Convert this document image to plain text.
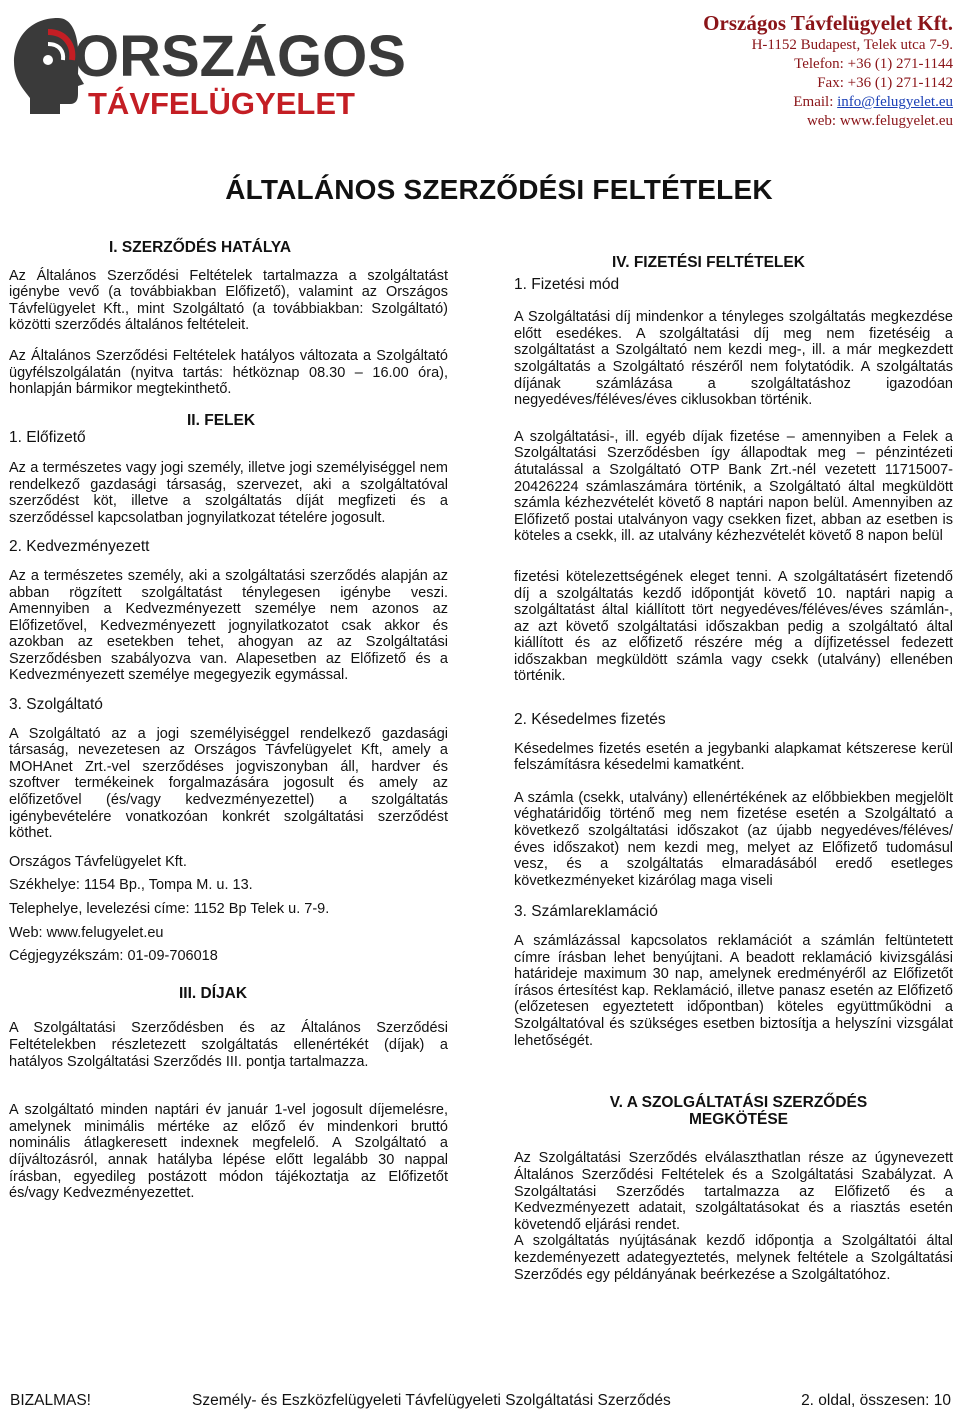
ORSZÁGOS
TÁVFELÜGYELET
Országos Távfelügyelet Kft.
H-1152 Budapest, Telek utca 7-9.
Telefon: +36 (1) 271-1144
Fax: +36 (1) 271-1142
Email: info@felugyelet.eu
web: www.felugyelet.eu
ÁLTALÁNOS SZERZŐDÉSI FELTÉTELEK
I. SZERZŐDÉS HATÁLYA

Az Általános Szerződési Feltételek tartalmazza a szolgáltatást igénybe vevő (a továbbiakban Előfizető), valamint az Országos Távfelügyelet Kft., mint Szolgáltató (a továbbiakban: Szolgáltató) közötti szerződés általános feltételeit.

Az Általános Szerződési Feltételek hatályos változata a Szolgáltató ügyfélszolgálatán (nyitva tartás: hétköznap 08.30 – 16.00 óra), honlapján bármikor megtekinthető.

II. FELEK
1. Előfizető

Az a természetes vagy jogi személy, illetve jogi személyiséggel nem rendelkező gazdasági társaság, szervezet, aki a szolgáltatóval szerződést köt, illetve a szolgáltatás díját megfizeti és a szerződéssel kapcsolatban jognyilatkozat tételére jogosult.

2. Kedvezményezett

Az a természetes személy, aki a szolgáltatási szerződés alapján az abban rögzített szolgáltatást ténylegesen igénybe veszi. Amennyiben a Kedvezményezett személye nem azonos az Előfizetővel, Kedvezményezett jognyilatkozatot csak akkor és azokban az esetekben tehet, ahogyan az az Szolgáltatási Szerződésben szabályozva van. Alapesetben az Előfizető és a Kedvezményezett személye megegyezik egymással.

3. Szolgáltató

A Szolgáltató az a jogi személyiséggel rendelkező gazdasági társaság, nevezetesen az Országos Távfelügyelet Kft, amely a MOHAnet Zrt.-vel szerződéses jogviszonyban áll, hardver és szoftver termékeinek forgalmazására jogosult és amely az előfizetővel (és/vagy kedvezményezettel) a szolgáltatás igénybevételére vonatkozóan konkrét szolgáltatási szerződést köthet.

Országos Távfelügyelet Kft.
Székhelye: 1154 Bp., Tompa M. u. 13.
Telephelye, levelezési címe: 1152 Bp Telek u. 7-9.
Web: www.felugyelet.eu
Cégjegyzékszám: 01-09-706018
III. DÍJAK

A Szolgáltatási Szerződésben és az Általános Szerződési Feltételekben részletezett szolgáltatás ellenértékét (díjak) a hatályos Szolgáltatási Szerződés III. pontja tartalmazza.

A szolgáltató minden naptári év január 1-vel jogosult díjemelésre, amelynek minimális mértéke az előző év mindenkori bruttó nominális átlagkeresett indexnek megfelelő. A Szolgáltató a díjváltozásról, annak hatályba lépése előtt legalább 30 nappal írásban, egyedileg postázott módon tájékoztatja az Előfizetőt és/vagy Kedvezményezettet.

IV. FIZETÉSI FELTÉTELEK
1. Fizetési mód

A Szolgáltatási díj mindenkor a tényleges szolgáltatás megkezdése előtt esedékes. A szolgáltatási díj meg nem fizetéséig a szolgáltatást a Szolgáltató nem kezdi meg-, ill. a már megkezdett szolgáltatás a Szolgáltató részéről nem folytatódik. A szolgáltatás díjának számlázása a szolgáltatáshoz igazodóan negyedéves/féléves/éves ciklusokban történik.

A szolgáltatási-, ill. egyéb díjak fizetése – amennyiben a Felek a Szolgáltatási Szerződésben így állapodtak meg – pénzintézeti átutalással a Szolgáltató OTP Bank Zrt.-nél vezetett 11715007-20426224 számlaszámára történik, a Szolgáltató által megküldött számla kézhezvételét követő 8 naptári napon belül. Amennyiben az Előfizető postai utalványon vagy csekken fizet, abban az esetben is köteles a csekk, ill. az utalvány kézhezvételét követő 8 napon belül

fizetési kötelezettségének eleget tenni. A szolgáltatásért fizetendő díj a szolgáltatás kezdő időpontját követő 10. naptári napig a szolgáltatást által kiállított tört negyedéves/féléves/éves számlán-, az azt követő szolgáltatási időszakban pedig a szolgáltató által kiállított és az előfizető részére még a díjfizetéssel fedezett időszakban megküldött számla vagy csekk (utalvány) ellenében történik.

2. Késedelmes fizetés

Késedelmes fizetés esetén a jegybanki alapkamat kétszerese kerül felszámításra késedelmi kamatként.

A számla (csekk, utalvány) ellenértékének az előbbiekben megjelölt véghatáridőig történő meg nem fizetése esetén a Szolgáltató a következő szolgáltatási időszakot (az újabb negyedéves/féléves/éves időszakot) nem kezdi meg, melyet az Előfizető tudomásul vesz, és a szolgáltatás elmaradásából eredő esetleges következményeket kizárólag maga viseli

3. Számlareklamáció

A számlázással kapcsolatos reklamációt a számlán feltüntetett címre írásban lehet benyújtani. A beadott reklamáció kivizsgálási határideje maximum 30 nap, amelynek eredményéről az Előfizetőt írásos értesítést kap. Reklamáció, illetve panasz esetén az Előfizető (előzetesen egyeztetett időpontban) köteles együttműködni a Szolgáltatóval és szükséges esetben biztosítja a helyszíni vizsgálat lehetőségét.

V. A SZOLGÁLTATÁSI SZERZŐDÉS MEGKÖTÉSE

Az Szolgáltatási Szerződés elválaszthatlan része az úgynevezett Általános Szerződési Feltételek és a Szolgáltatási Szabályzat. A Szolgáltatási Szerződés tartalmazza az Előfizető és a Kedvezményezett adatait, szolgáltatásokat és a riasztás esetén követendő eljárási rendet.

A szolgáltatás nyújtásának kezdő időpontja a Szolgáltatói által kezdeményezett adategyeztetés, melynek feltétele a Szolgáltatási Szerződés egy példányának beérkezése a Szolgáltatóhoz.

BIZALMAS!	Személy- és Eszközfelügyeleti Távfelügyeleti Szolgáltatási Szerződés	2. oldal, összesen: 10
